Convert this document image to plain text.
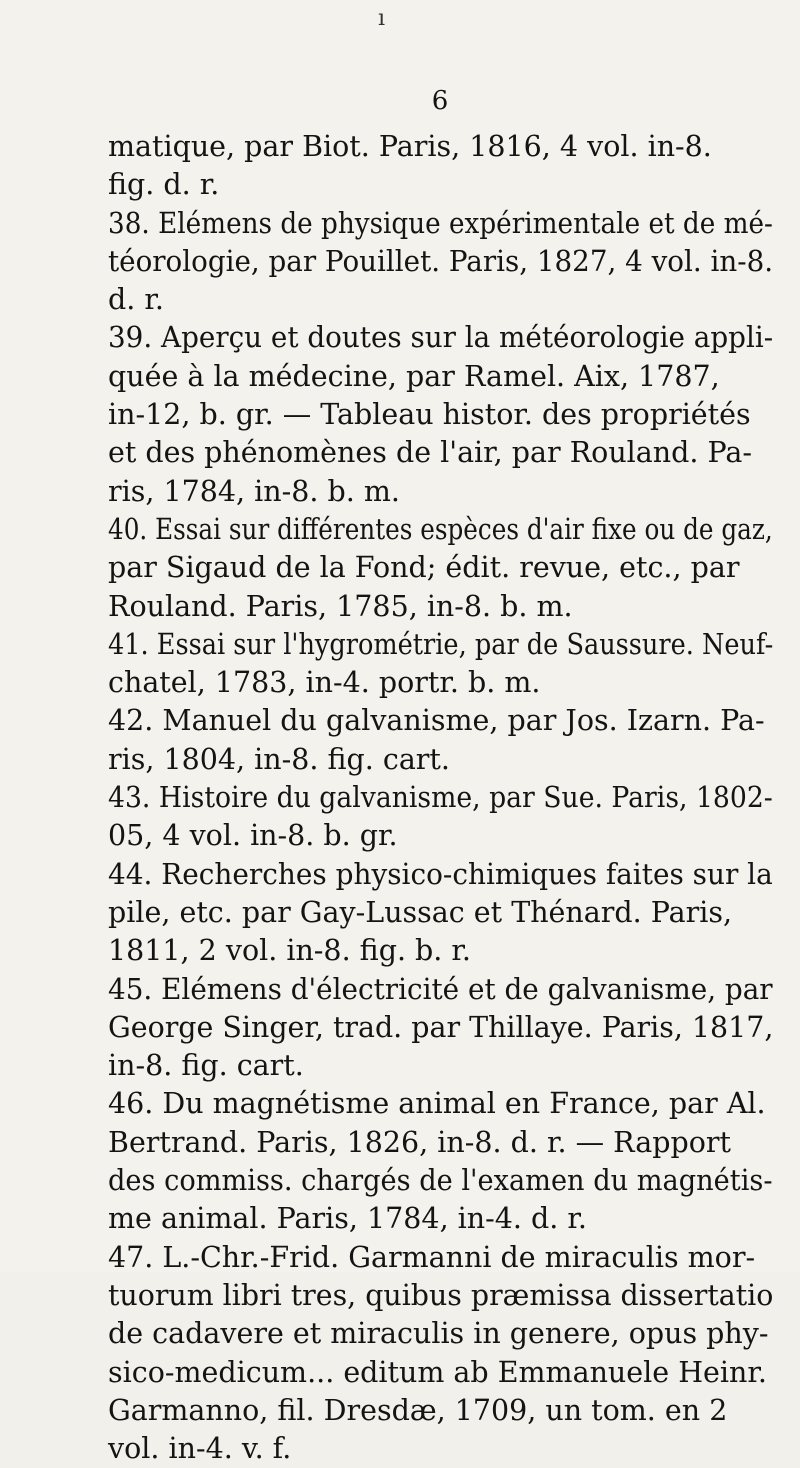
ı
6
matique, par Biot. Paris, 1816, 4 vol. in-8.
fig. d. r.
38. Elémens de physique expérimentale et de mé-
téorologie, par Pouillet. Paris, 1827, 4 vol. in-8.
d. r.
39. Aperçu et doutes sur la météorologie appli-
quée à la médecine, par Ramel. Aix, 1787,
in-12, b. gr. — Tableau histor. des propriétés
et des phénomènes de l'air, par Rouland. Pa-
ris, 1784, in-8. b. m.
40. Essai sur différentes espèces d'air fixe ou de gaz,
par Sigaud de la Fond; édit. revue, etc., par
Rouland. Paris, 1785, in-8. b. m.
41. Essai sur l'hygrométrie, par de Saussure. Neuf-
chatel, 1783, in-4. portr. b. m.
42. Manuel du galvanisme, par Jos. Izarn. Pa-
ris, 1804, in-8. fig. cart.
43. Histoire du galvanisme, par Sue. Paris, 1802-
05, 4 vol. in-8. b. gr.
44. Recherches physico-chimiques faites sur la
pile, etc. par Gay-Lussac et Thénard. Paris,
1811, 2 vol. in-8. fig. b. r.
45. Elémens d'électricité et de galvanisme, par
George Singer, trad. par Thillaye. Paris, 1817,
in-8. fig. cart.
46. Du magnétisme animal en France, par Al.
Bertrand. Paris, 1826, in-8. d. r. — Rapport
des commiss. chargés de l'examen du magnétis-
me animal. Paris, 1784, in-4. d. r.
47. L.-Chr.-Frid. Garmanni de miraculis mor-
tuorum libri tres, quibus præmissa dissertatio
de cadavere et miraculis in genere, opus phy-
sico-medicum... editum ab Emmanuele Heinr.
Garmanno, fil. Dresdæ, 1709, un tom. en 2
vol. in-4. v. f.
